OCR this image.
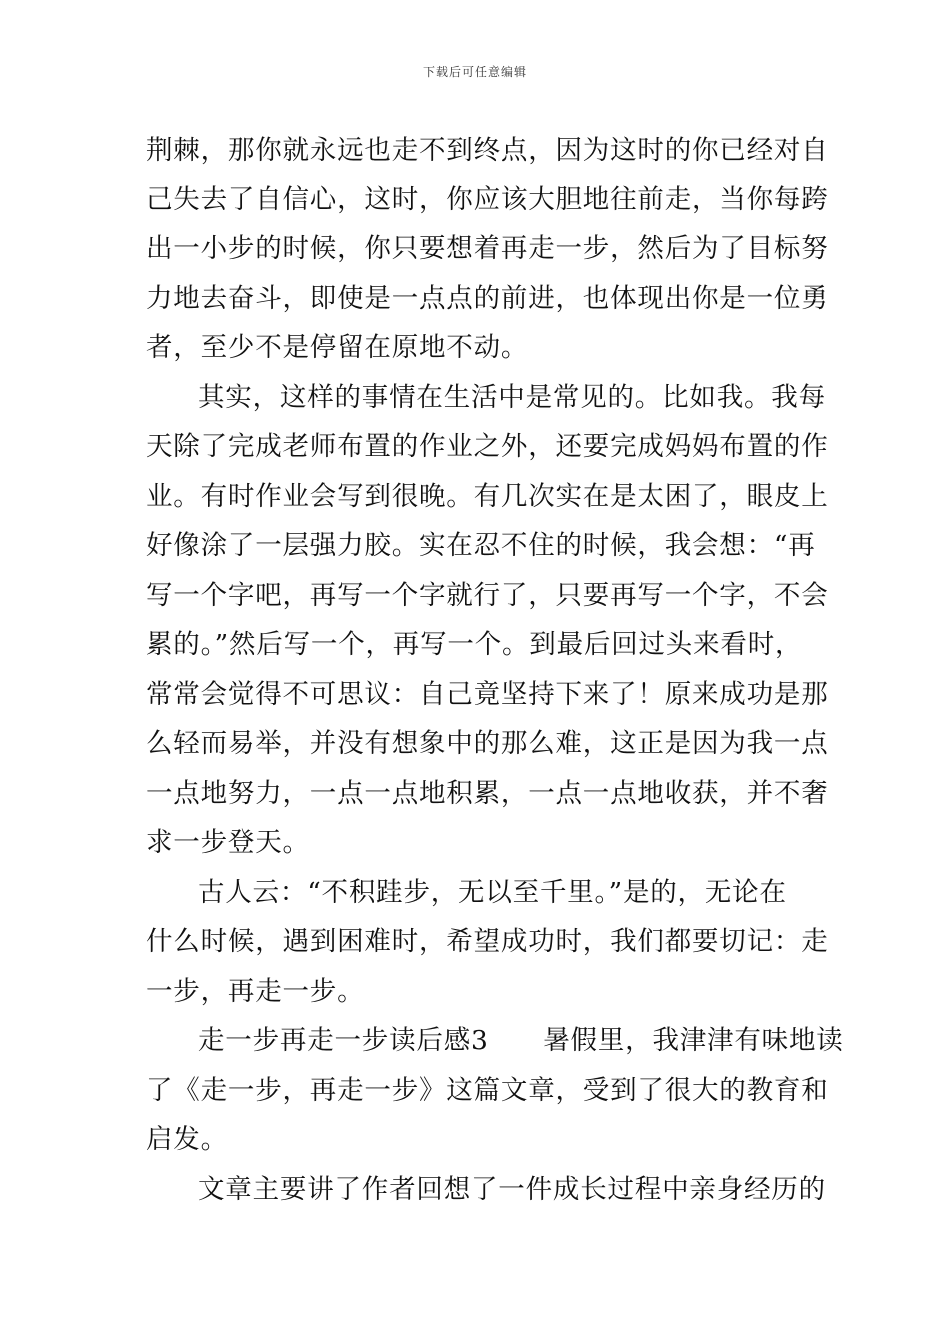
下载后可任意编辑
荆棘，那你就永远也走不到终点，因为这时的你已经对自
己失去了自信心，这时，你应该大胆地往前走，当你每跨
出一小步的时候，你只要想着再走一步，然后为了目标努
力地去奋斗，即使是一点点的前进，也体现出你是一位勇
者，至少不是停留在原地不动。
其实，这样的事情在生活中是常见的。比如我。我每
天除了完成老师布置的作业之外，还要完成妈妈布置的作
业。有时作业会写到很晚。有几次实在是太困了，眼皮上
好像涂了一层强力胶。实在忍不住的时候，我会想：“再
写一个字吧，再写一个字就行了，只要再写一个字，不会
累的。”然后写一个，再写一个。到最后回过头来看时，
常常会觉得不可思议：自己竟坚持下来了！原来成功是那
么轻而易举，并没有想象中的那么难，这正是因为我一点
一点地努力，一点一点地积累，一点一点地收获，并不奢
求一步登天。
古人云：“不积跬步，无以至千里。”是的，无论在
什么时候，遇到困难时，希望成功时，我们都要切记：走
一步，再走一步。
走一步再走一步读后感3　　暑假里，我津津有味地读
了《走一步，再走一步》这篇文章，受到了很大的教育和
启发。
文章主要讲了作者回想了一件成长过程中亲身经历的
